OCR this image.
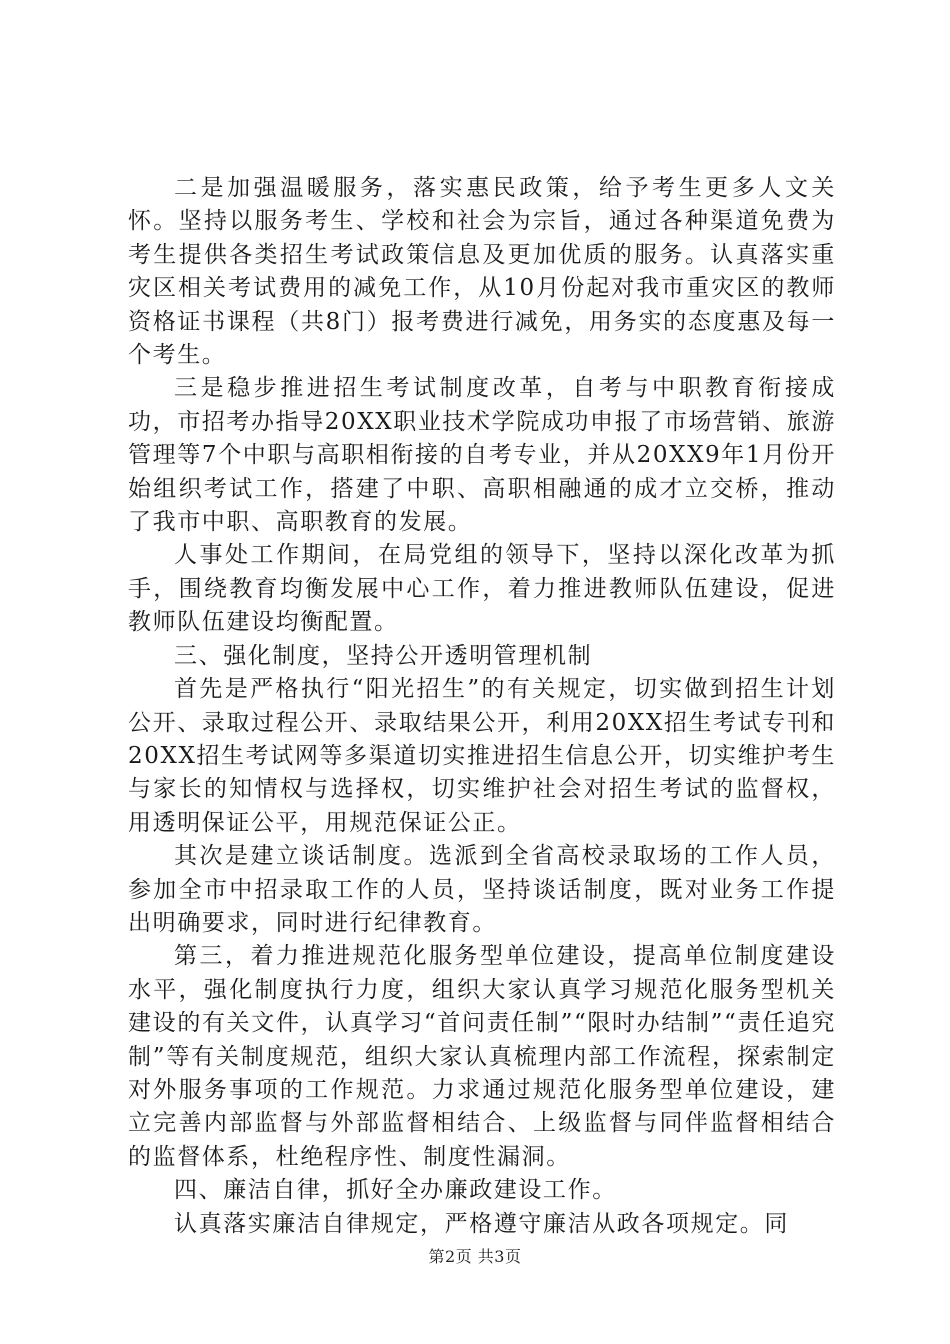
二是加强温暖服务，落实惠民政策，给予考生更多人文关怀。坚持以服务考生、学校和社会为宗旨，通过各种渠道免费为考生提供各类招生考试政策信息及更加优质的服务。认真落实重灾区相关考试费用的减免工作，从10月份起对我市重灾区的教师资格证书课程（共8门）报考费进行减免，用务实的态度惠及每一个考生。

三是稳步推进招生考试制度改革，自考与中职教育衔接成功，市招考办指导20XX职业技术学院成功申报了市场营销、旅游管理等7个中职与高职相衔接的自考专业，并从20XX9年1月份开始组织考试工作，搭建了中职、高职相融通的成才立交桥，推动了我市中职、高职教育的发展。

人事处工作期间，在局党组的领导下，坚持以深化改革为抓手，围绕教育均衡发展中心工作，着力推进教师队伍建设，促进教师队伍建设均衡配置。

三、强化制度，坚持公开透明管理机制

首先是严格执行“阳光招生”的有关规定，切实做到招生计划公开、录取过程公开、录取结果公开，利用20XX招生考试专刊和20XX招生考试网等多渠道切实推进招生信息公开，切实维护考生与家长的知情权与选择权，切实维护社会对招生考试的监督权，用透明保证公平，用规范保证公正。

其次是建立谈话制度。选派到全省高校录取场的工作人员，参加全市中招录取工作的人员，坚持谈话制度，既对业务工作提出明确要求，同时进行纪律教育。

第三，着力推进规范化服务型单位建设，提高单位制度建设水平，强化制度执行力度，组织大家认真学习规范化服务型机关建设的有关文件，认真学习“首问责任制”“限时办结制”“责任追究制”等有关制度规范，组织大家认真梳理内部工作流程，探索制定对外服务事项的工作规范。力求通过规范化服务型单位建设，建立完善内部监督与外部监督相结合、上级监督与同伴监督相结合的监督体系，杜绝程序性、制度性漏洞。

四、廉洁自律，抓好全办廉政建设工作。

认真落实廉洁自律规定，严格遵守廉洁从政各项规定。同

第2页 共3页
